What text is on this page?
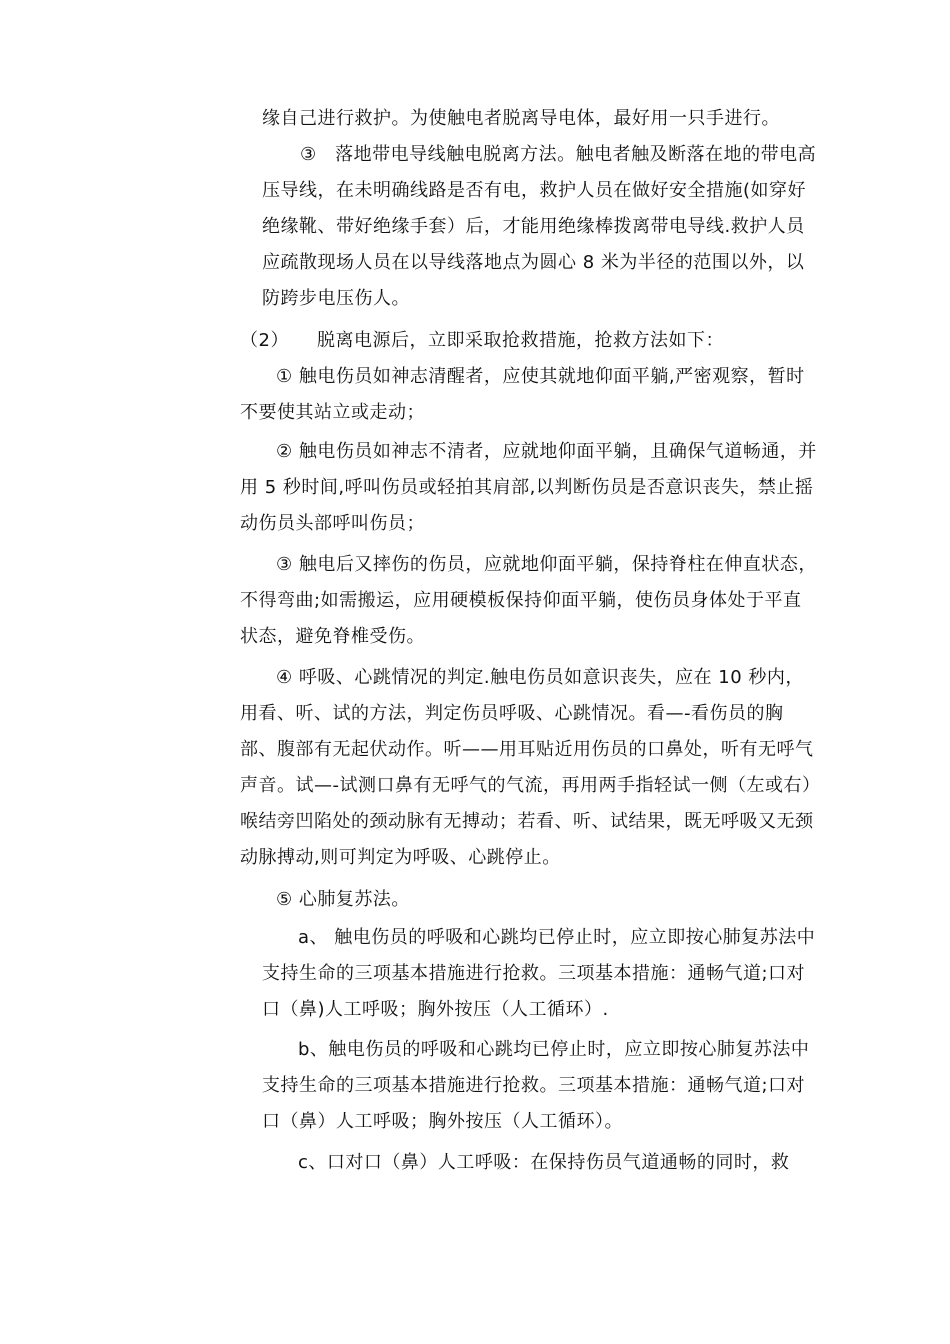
缘自己进行救护。为使触电者脱离导电体，最好用一只手进行。
③　落地带电导线触电脱离方法。触电者触及断落在地的带电高压导线，在未明确线路是否有电，救护人员在做好安全措施(如穿好绝缘靴、带好绝缘手套）后，才能用绝缘棒拨离带电导线.救护人员应疏散现场人员在以导线落地点为圆心 8 米为半径的范围以外，以防跨步电压伤人。
（2）　　脱离电源后，立即采取抢救措施，抢救方法如下：
① 触电伤员如神志清醒者，应使其就地仰面平躺,严密观察，暂时不要使其站立或走动；
② 触电伤员如神志不清者，应就地仰面平躺，且确保气道畅通，并用 5 秒时间,呼叫伤员或轻拍其肩部,以判断伤员是否意识丧失，禁止摇动伤员头部呼叫伤员；
③ 触电后又摔伤的伤员，应就地仰面平躺，保持脊柱在伸直状态，不得弯曲;如需搬运，应用硬模板保持仰面平躺，使伤员身体处于平直状态，避免脊椎受伤。
④ 呼吸、心跳情况的判定.触电伤员如意识丧失，应在 10 秒内，用看、听、试的方法，判定伤员呼吸、心跳情况。看—-看伤员的胸部、腹部有无起伏动作。听——用耳贴近用伤员的口鼻处，听有无呼气声音。试—-试测口鼻有无呼气的气流，再用两手指轻试一侧（左或右）喉结旁凹陷处的颈动脉有无搏动；若看、听、试结果，既无呼吸又无颈动脉搏动,则可判定为呼吸、心跳停止。
⑤ 心肺复苏法。
a、 触电伤员的呼吸和心跳均已停止时，应立即按心肺复苏法中支持生命的三项基本措施进行抢救。三项基本措施：通畅气道;口对口（鼻)人工呼吸；胸外按压（人工循环）.
b、触电伤员的呼吸和心跳均已停止时，应立即按心肺复苏法中支持生命的三项基本措施进行抢救。三项基本措施：通畅气道;口对口（鼻）人工呼吸；胸外按压（人工循环）。
c、口对口（鼻）人工呼吸：在保持伤员气道通畅的同时，救
